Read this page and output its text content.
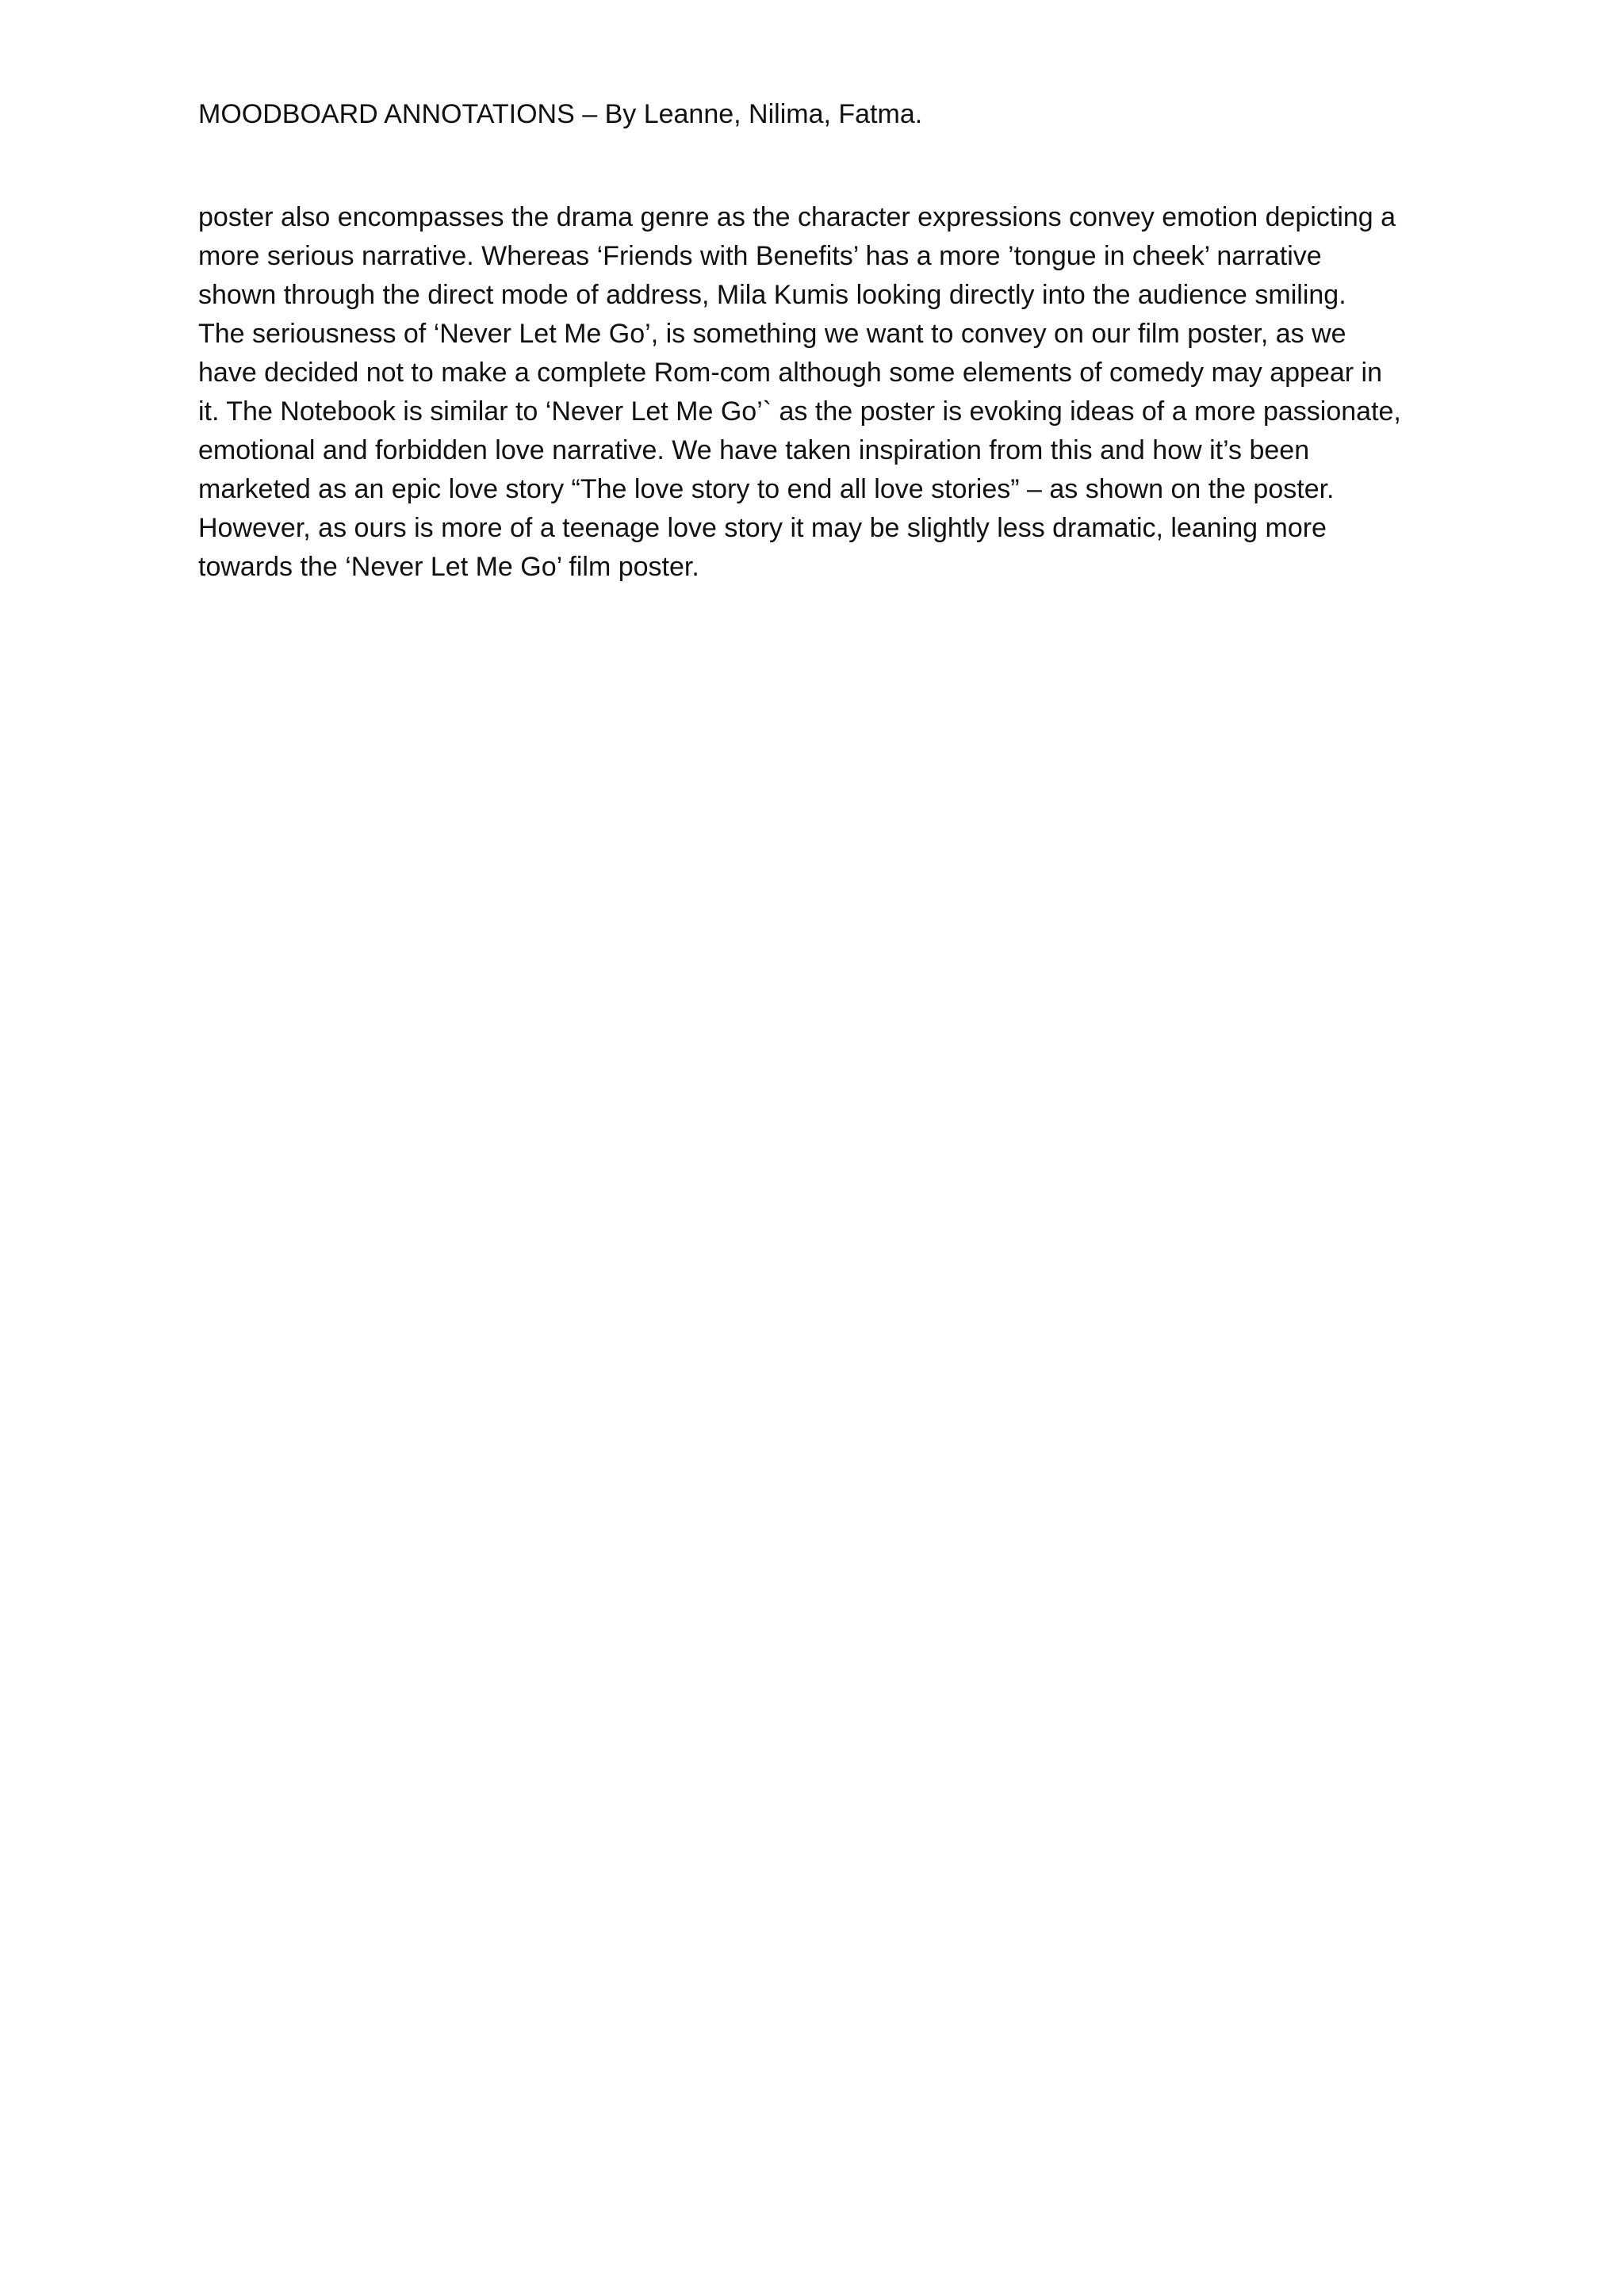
MOODBOARD ANNOTATIONS – By Leanne, Nilima, Fatma.
poster also encompasses the drama genre as the character expressions convey emotion depicting a
more serious narrative. Whereas ‘Friends with Benefits’ has a more ’tongue in cheek’ narrative
shown through the direct mode of address, Mila Kumis looking directly into the audience smiling.
The seriousness of ‘Never Let Me Go’, is something we want to convey on our film poster, as we
have decided not to make a complete Rom-com although some elements of comedy may appear in
it. The Notebook is similar to ‘Never Let Me Go’` as the poster is evoking ideas of a more passionate,
emotional and forbidden love narrative. We have taken inspiration from this and how it’s been
marketed as an epic love story “The love story to end all love stories” – as shown on the poster.
However, as ours is more of a teenage love story it may be slightly less dramatic, leaning more
towards the ‘Never Let Me Go’ film poster.
